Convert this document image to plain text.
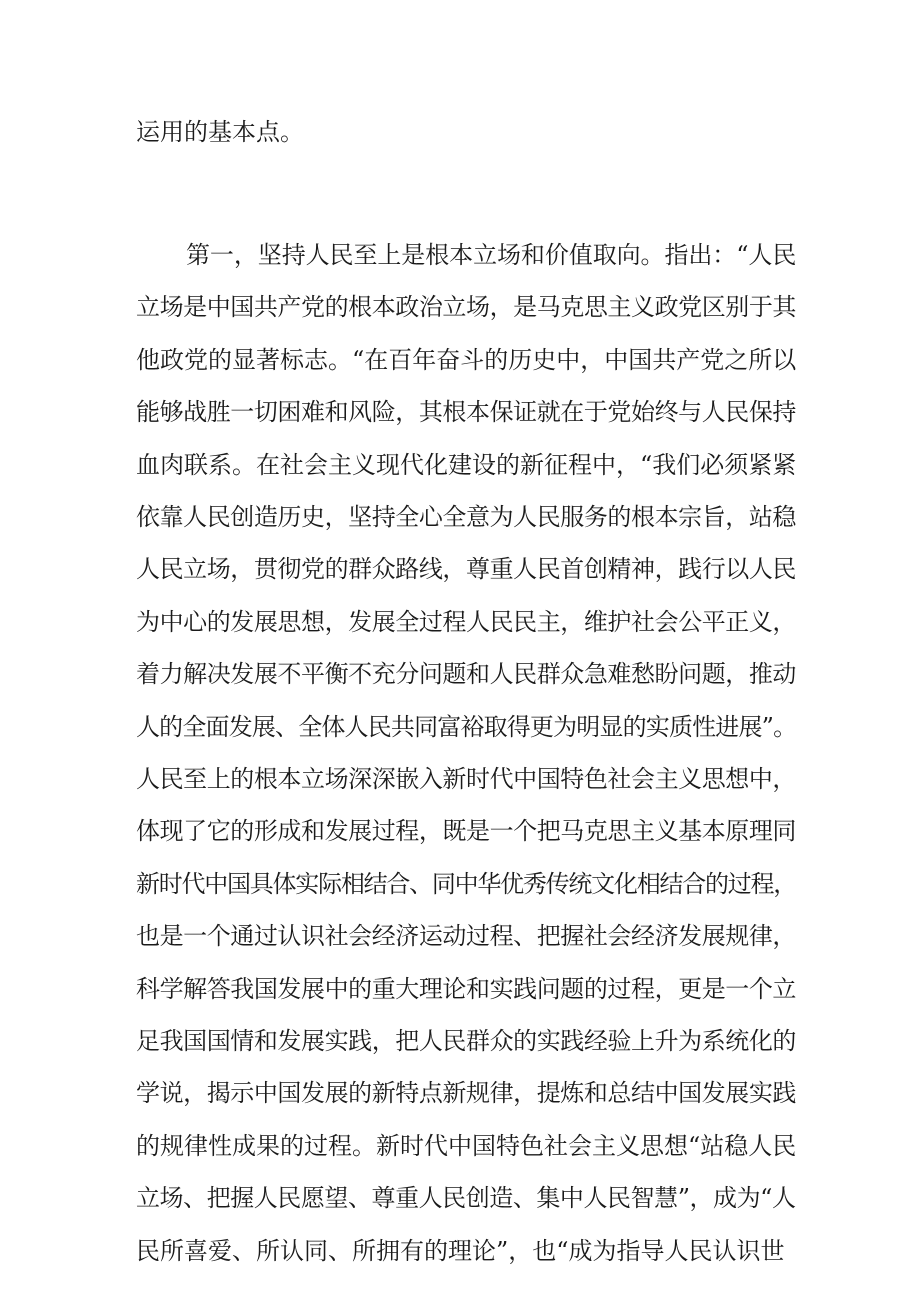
运用的基本点。
第一，坚持人民至上是根本立场和价值取向。指出：“人民
立场是中国共产党的根本政治立场，是马克思主义政党区别于其
他政党的显著标志。“在百年奋斗的历史中，中国共产党之所以
能够战胜一切困难和风险，其根本保证就在于党始终与人民保持
血肉联系。在社会主义现代化建设的新征程中，“我们必须紧紧
依靠人民创造历史，坚持全心全意为人民服务的根本宗旨，站稳
人民立场，贯彻党的群众路线，尊重人民首创精神，践行以人民
为中心的发展思想，发展全过程人民民主，维护社会公平正义，
着力解决发展不平衡不充分问题和人民群众急难愁盼问题，推动
人的全面发展、全体人民共同富裕取得更为明显的实质性进展”。
人民至上的根本立场深深嵌入新时代中国特色社会主义思想中，
体现了它的形成和发展过程，既是一个把马克思主义基本原理同
新时代中国具体实际相结合、同中华优秀传统文化相结合的过程，
也是一个通过认识社会经济运动过程、把握社会经济发展规律，
科学解答我国发展中的重大理论和实践问题的过程，更是一个立
足我国国情和发展实践，把人民群众的实践经验上升为系统化的
学说，揭示中国发展的新特点新规律，提炼和总结中国发展实践
的规律性成果的过程。新时代中国特色社会主义思想“站稳人民
立场、把握人民愿望、尊重人民创造、集中人民智慧”，成为“人
民所喜爱、所认同、所拥有的理论”，也“成为指导人民认识世
